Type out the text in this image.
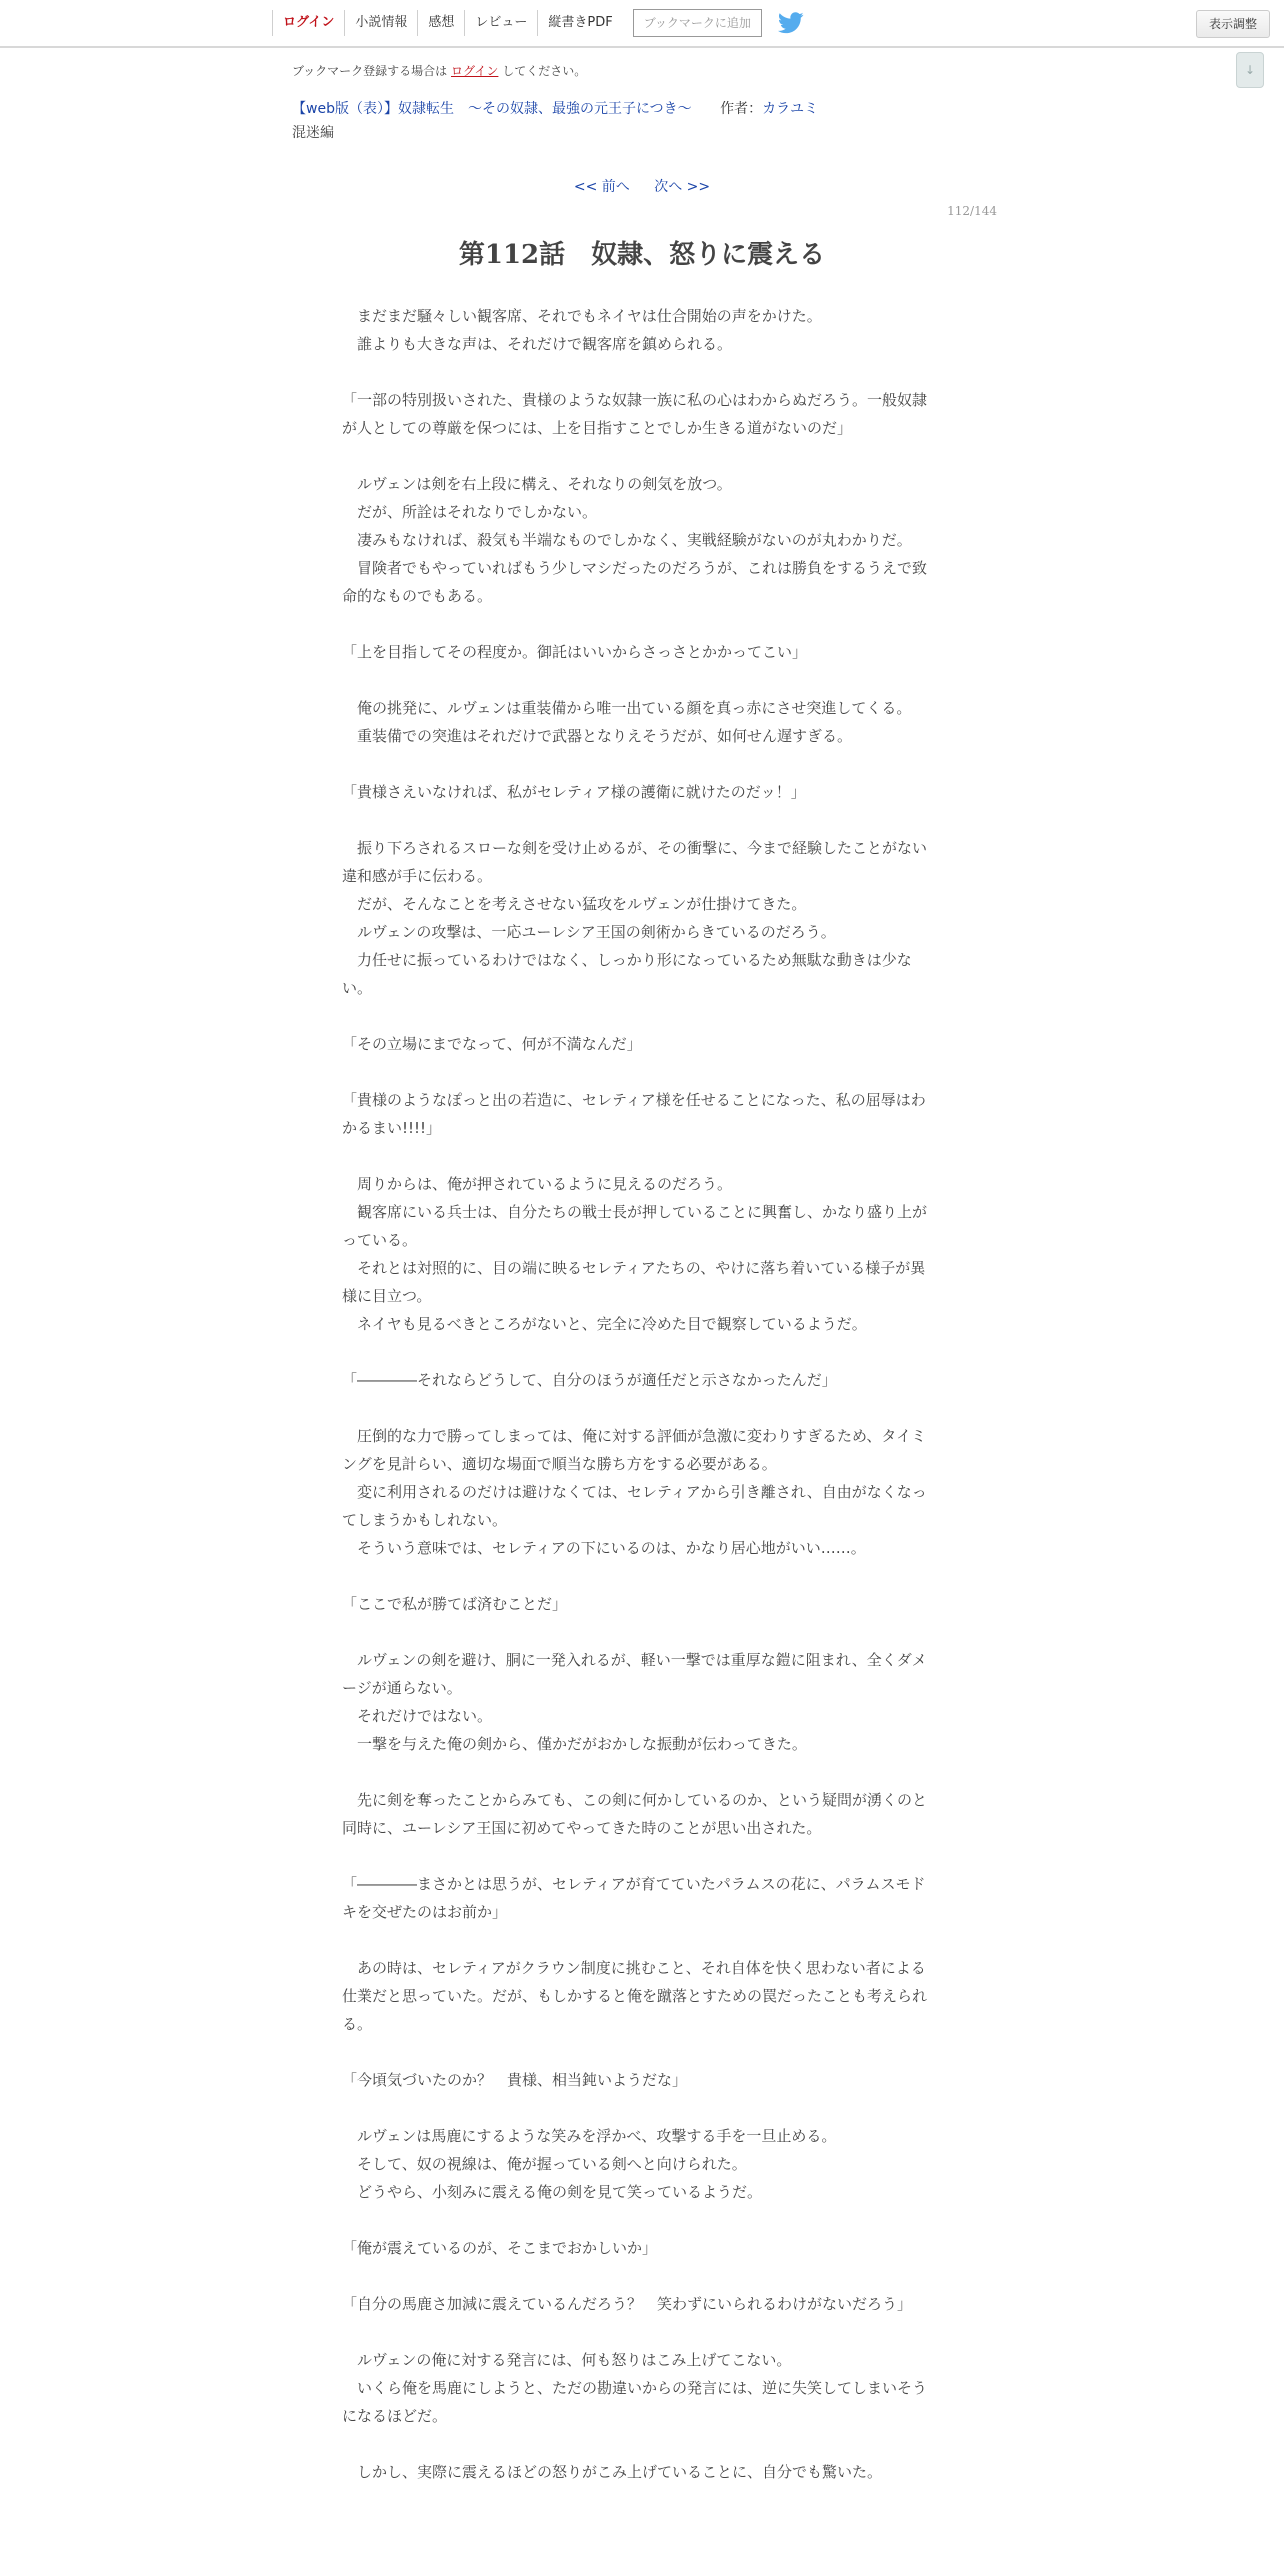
ログイン	小説情報	感想	レビュー	縦書きPDF	ブックマークに追加	表示調整
↓
ブックマーク登録する場合は ログイン してください。
【web版（表）】奴隷転生　～その奴隷、最強の元王子につき～ 作者：カラユミ
混迷編
<< 前へ 次へ >>
112/144
第112話　奴隷、怒りに震える

　まだまだ騒々しい観客席、それでもネイヤは仕合開始の声をかけた。

　誰よりも大きな声は、それだけで観客席を鎮められる。

「一部の特別扱いされた、貴様のような奴隷一族に私の心はわからぬだろう。一般奴隷が人としての尊厳を保つには、上を目指すことでしか生きる道がないのだ」

　ルヴェンは剣を右上段に構え、それなりの剣気を放つ。

　だが、所詮はそれなりでしかない。

　凄みもなければ、殺気も半端なものでしかなく、実戦経験がないのが丸わかりだ。

　冒険者でもやっていればもう少しマシだったのだろうが、これは勝負をするうえで致命的なものでもある。

「上を目指してその程度か。御託はいいからさっさとかかってこい」

　俺の挑発に、ルヴェンは重装備から唯一出ている顔を真っ赤にさせ突進してくる。

　重装備での突進はそれだけで武器となりえそうだが、如何せん遅すぎる。

「貴様さえいなければ、私がセレティア様の護衛に就けたのだッ！」

　振り下ろされるスローな剣を受け止めるが、その衝撃に、今まで経験したことがない違和感が手に伝わる。

　だが、そんなことを考えさせない猛攻をルヴェンが仕掛けてきた。

　ルヴェンの攻撃は、一応ユーレシア王国の剣術からきているのだろう。

　力任せに振っているわけではなく、しっかり形になっているため無駄な動きは少ない。

「その立場にまでなって、何が不満なんだ」

「貴様のようなぽっと出の若造に、セレティア様を任せることになった、私の屈辱はわかるまい!!!!」

　周りからは、俺が押されているように見えるのだろう。

　観客席にいる兵士は、自分たちの戦士長が押していることに興奮し、かなり盛り上がっている。

　それとは対照的に、目の端に映るセレティアたちの、やけに落ち着いている様子が異様に目立つ。

　ネイヤも見るべきところがないと、完全に冷めた目で観察しているようだ。

「――――それならどうして、自分のほうが適任だと示さなかったんだ」

　圧倒的な力で勝ってしまっては、俺に対する評価が急激に変わりすぎるため、タイミングを見計らい、適切な場面で順当な勝ち方をする必要がある。

　変に利用されるのだけは避けなくては、セレティアから引き離され、自由がなくなってしまうかもしれない。

　そういう意味では、セレティアの下にいるのは、かなり居心地がいい……。

「ここで私が勝てば済むことだ」

　ルヴェンの剣を避け、胴に一発入れるが、軽い一撃では重厚な鎧に阻まれ、全くダメージが通らない。

　それだけではない。

　一撃を与えた俺の剣から、僅かだがおかしな振動が伝わってきた。

　先に剣を奪ったことからみても、この剣に何かしているのか、という疑問が湧くのと同時に、ユーレシア王国に初めてやってきた時のことが思い出された。

「――――まさかとは思うが、セレティアが育てていたパラムスの花に、パラムスモドキを交ぜたのはお前か」

　あの時は、セレティアがクラウン制度に挑むこと、それ自体を快く思わない者による仕業だと思っていた。だが、もしかすると俺を蹴落とすための罠だったことも考えられる。

「今頃気づいたのか？　貴様、相当鈍いようだな」

　ルヴェンは馬鹿にするような笑みを浮かべ、攻撃する手を一旦止める。

　そして、奴の視線は、俺が握っている剣へと向けられた。

　どうやら、小刻みに震える俺の剣を見て笑っているようだ。

「俺が震えているのが、そこまでおかしいか」

「自分の馬鹿さ加減に震えているんだろう？　笑わずにいられるわけがないだろう」

　ルヴェンの俺に対する発言には、何も怒りはこみ上げてこない。

　いくら俺を馬鹿にしようと、ただの勘違いからの発言には、逆に失笑してしまいそうになるほどだ。

　しかし、実際に震えるほどの怒りがこみ上げていることに、自分でも驚いた。
